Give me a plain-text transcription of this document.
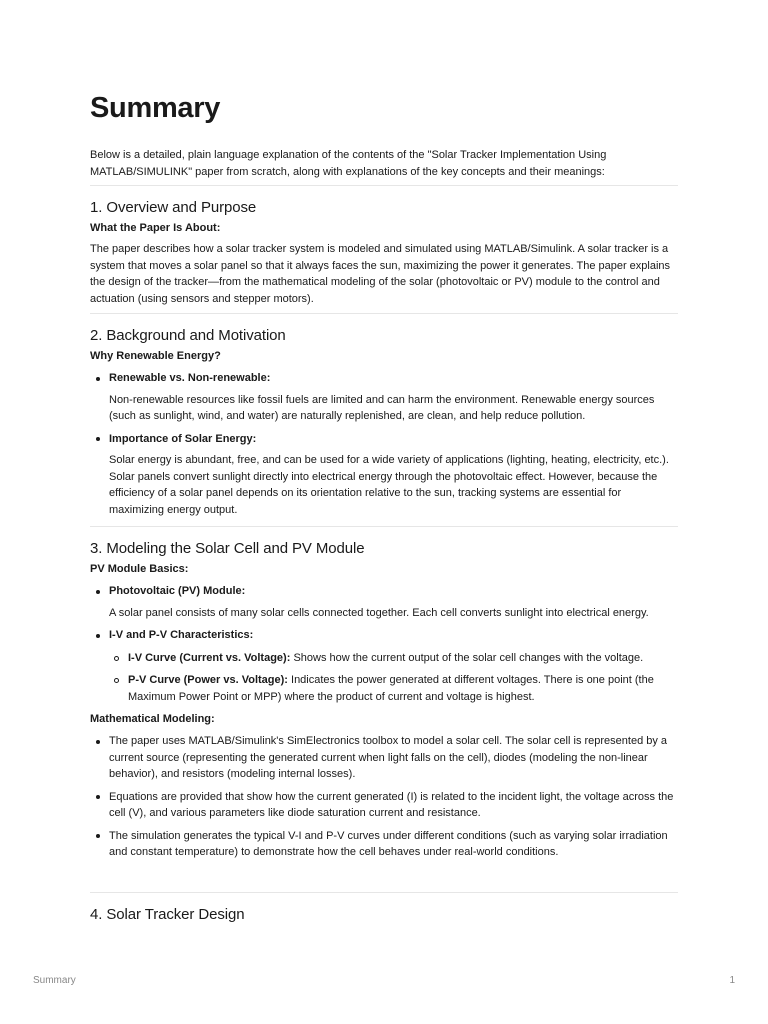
Summary

Below is a detailed, plain language explanation of the contents of the "Solar Tracker Implementation Using MATLAB/SIMULINK" paper from scratch, along with explanations of the key concepts and their meanings:

1. Overview and Purpose
What the Paper Is About:

The paper describes how a solar tracker system is modeled and simulated using MATLAB/Simulink. A solar tracker is a system that moves a solar panel so that it always faces the sun, maximizing the power it generates. The paper explains the design of the tracker—from the mathematical modeling of the solar (photovoltaic or PV) module to the control and actuation (using sensors and stepper motors).

2. Background and Motivation
Why Renewable Energy?
Renewable vs. Non-renewable:

Non-renewable resources like fossil fuels are limited and can harm the environment. Renewable energy sources (such as sunlight, wind, and water) are naturally replenished, are clean, and help reduce pollution.

Importance of Solar Energy:

Solar energy is abundant, free, and can be used for a wide variety of applications (lighting, heating, electricity, etc.). Solar panels convert sunlight directly into electrical energy through the photovoltaic effect. However, because the efficiency of a solar panel depends on its orientation relative to the sun, tracking systems are essential for maximizing energy output.

3. Modeling the Solar Cell and PV Module
PV Module Basics:
Photovoltaic (PV) Module:

A solar panel consists of many solar cells connected together. Each cell converts sunlight into electrical energy.

I-V and P-V Characteristics:
I-V Curve (Current vs. Voltage): Shows how the current output of the solar cell changes with the voltage.
P-V Curve (Power vs. Voltage): Indicates the power generated at different voltages. There is one point (the Maximum Power Point or MPP) where the product of current and voltage is highest.
Mathematical Modeling:
The paper uses MATLAB/Simulink's SimElectronics toolbox to model a solar cell. The solar cell is represented by a current source (representing the generated current when light falls on the cell), diodes (modeling the non-linear behavior), and resistors (modeling internal losses).
Equations are provided that show how the current generated (I) is related to the incident light, the voltage across the cell (V), and various parameters like diode saturation current and resistance.
The simulation generates the typical V-I and P-V curves under different conditions (such as varying solar irradiation and constant temperature) to demonstrate how the cell behaves under real-world conditions.
4. Solar Tracker Design
Summary	1
